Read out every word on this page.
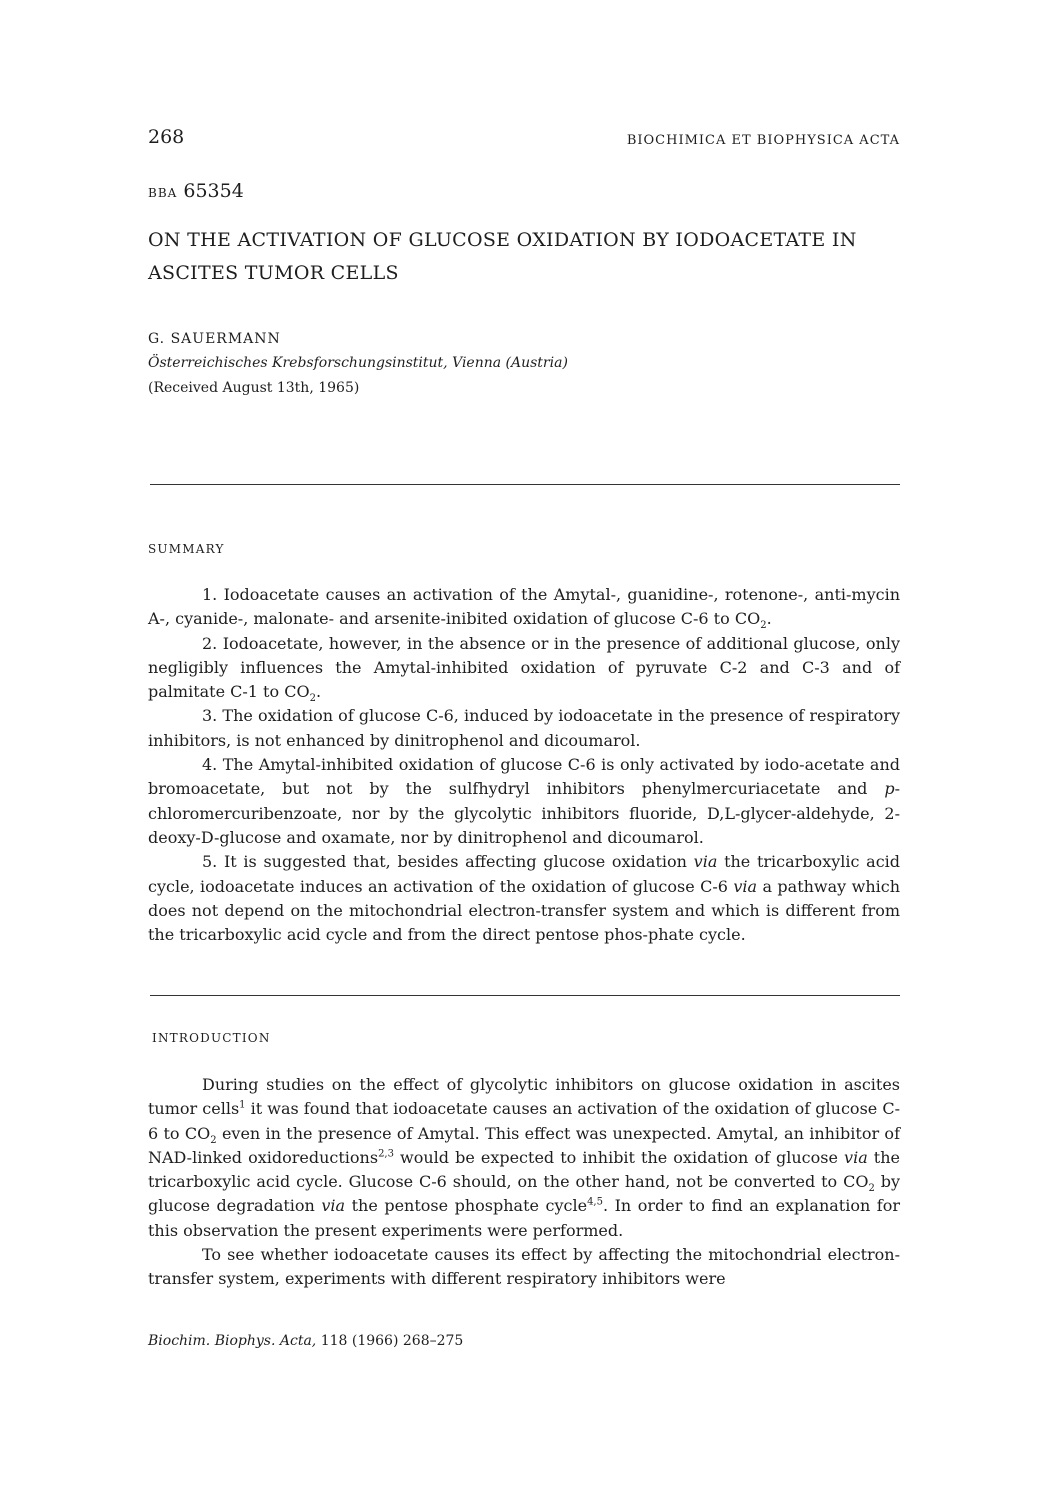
268	BIOCHIMICA ET BIOPHYSICA ACTA
BBA 65354
ON THE ACTIVATION OF GLUCOSE OXIDATION BY IODOACETATE IN ASCITES TUMOR CELLS
G. SAUERMANN
Österreichisches Krebsforschungsinstitut, Vienna (Austria)
(Received August 13th, 1965)
SUMMARY

1. Iodoacetate causes an activation of the Amytal-, guanidine-, rotenone-, anti-mycin A-, cyanide-, malonate- and arsenite-inibited oxidation of glucose C-6 to $CO_2$.

2. Iodoacetate, however, in the absence or in the presence of additional glucose, only negligibly influences the Amytal-inhibited oxidation of pyruvate C-2 and C-3 and of palmitate C-1 to $CO_2$.

3. The oxidation of glucose C-6, induced by iodoacetate in the presence of respiratory inhibitors, is not enhanced by dinitrophenol and dicoumarol.

4. The Amytal-inhibited oxidation of glucose C-6 is only activated by iodo-acetate and bromoacetate, but not by the sulfhydryl inhibitors phenylmercuriacetate and p-chloromercuribenzoate, nor by the glycolytic inhibitors fluoride, D,L-glycer-aldehyde, 2-deoxy-D-glucose and oxamate, nor by dinitrophenol and dicoumarol.

5. It is suggested that, besides affecting glucose oxidation via the tricarboxylic acid cycle, iodoacetate induces an activation of the oxidation of glucose C-6 via a pathway which does not depend on the mitochondrial electron-transfer system and which is different from the tricarboxylic acid cycle and from the direct pentose phos-phate cycle.

INTRODUCTION

During studies on the effect of glycolytic inhibitors on glucose oxidation in ascites tumor cells$^1$ it was found that iodoacetate causes an activation of the oxidation of glucose C-6 to $CO_2$ even in the presence of Amytal. This effect was unexpected. Amytal, an inhibitor of NAD-linked oxidoreductions$^{2,3}$ would be expected to inhibit the oxidation of glucose via the tricarboxylic acid cycle. Glucose C-6 should, on the other hand, not be converted to $CO_2$ by glucose degradation via the pentose phosphate cycle$^{4,5}$. In order to find an explanation for this observation the present experiments were performed.

To see whether iodoacetate causes its effect by affecting the mitochondrial electron-transfer system, experiments with different respiratory inhibitors were

Biochim. Biophys. Acta, 118 (1966) 268–275
